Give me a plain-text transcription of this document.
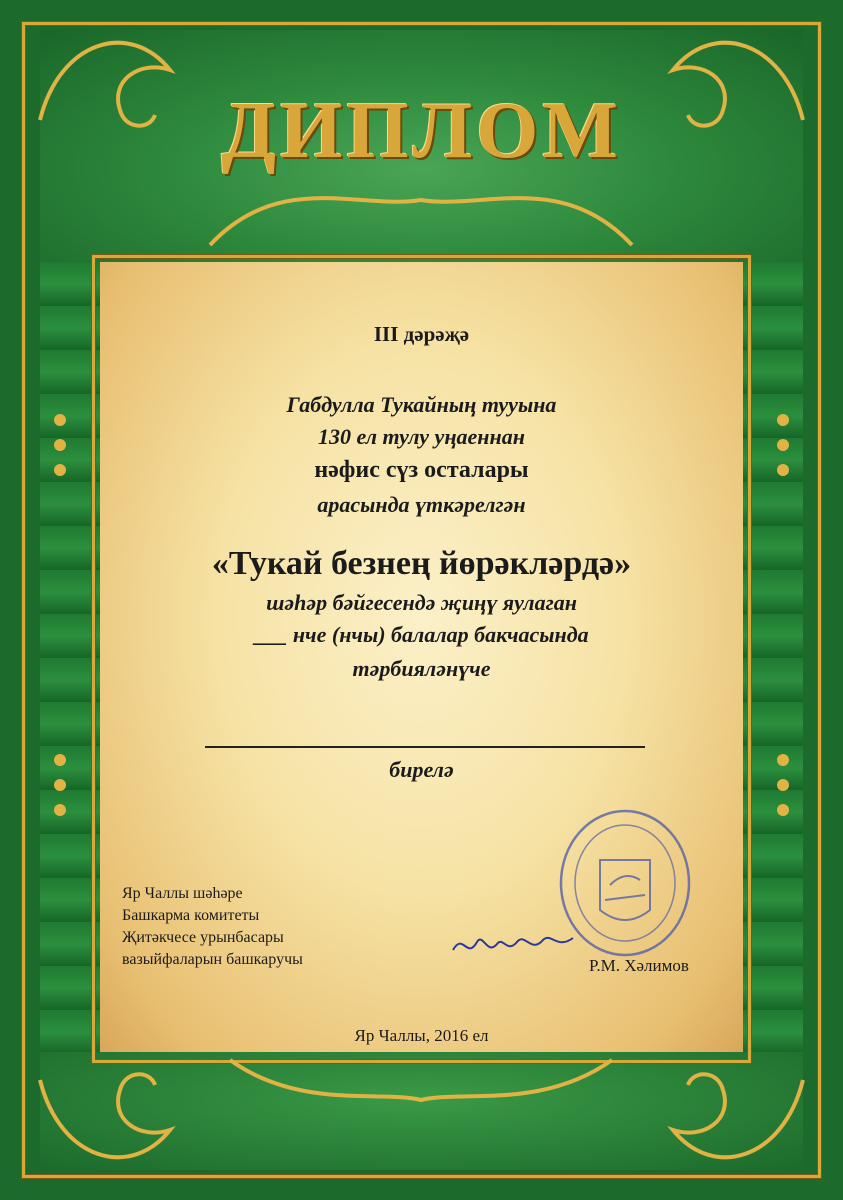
ДИПЛОМ

III дәрәҗә

Габдулла Тукайның тууына

130 ел тулу уңаеннан

нәфис сүз осталары

арасында үткәрелгән

«Тукай безнең йөрәкләрдә»

шәһәр бәйгесендә җиңү яулаган

___ нче (нчы) балалар бакчасында

тәрбияләнүче

бирелә

Яр Чаллы шәһәре
Башкарма комитеты
Җитәкчесе урынбасары
вазыйфаларын башкаручы	Р.М. Хәлимов

Яр Чаллы, 2016 ел
